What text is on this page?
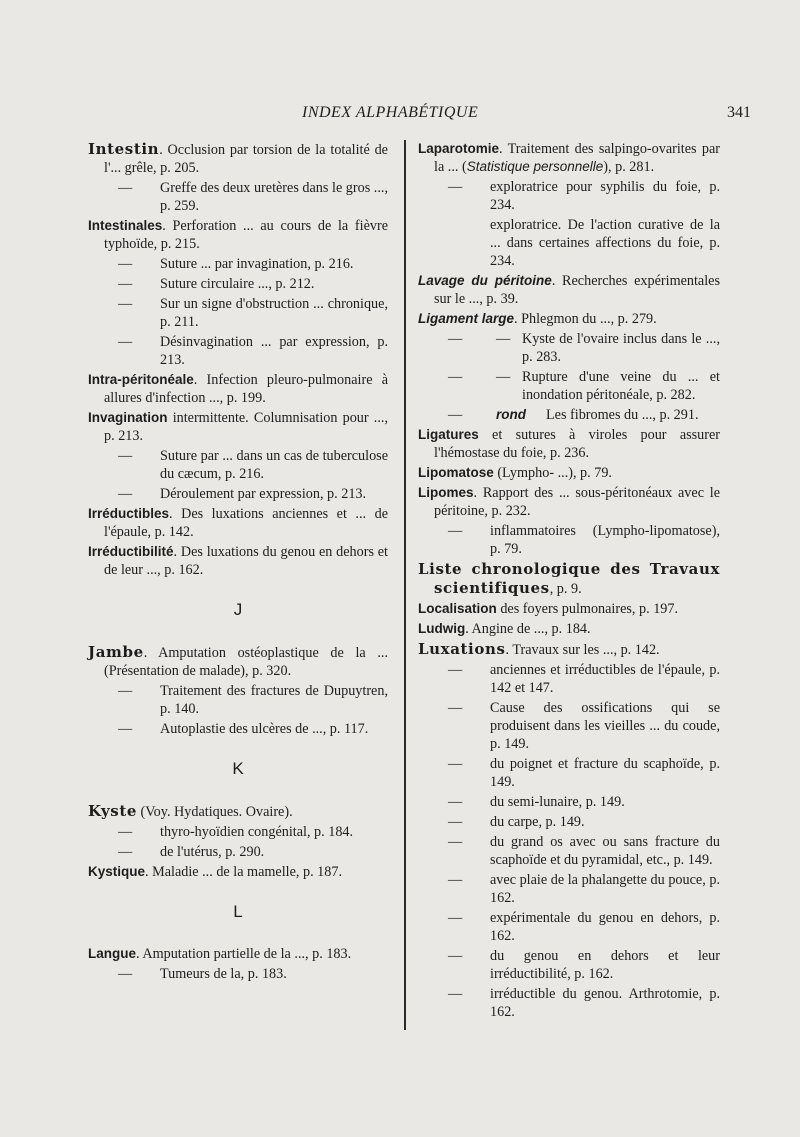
INDEX ALPHABÉTIQUE	341
Intestin. Occlusion par torsion de la totalité de l'... grêle, p. 205.
— Greffe des deux uretères dans le gros ..., p. 259.
Intestinales. Perforation ... au cours de la fièvre typhoïde, p. 215.
— Suture ... par invagination, p. 216.
— Suture circulaire ..., p. 212.
— Sur un signe d'obstruction ... chronique, p. 211.
— Désinvagination ... par expression, p. 213.
Intra-péritonéale. Infection pleuro-pulmonaire à allures d'infection ..., p. 199.
Invagination intermittente. Columnisation pour ..., p. 213.
— Suture par ... dans un cas de tuberculose du cæcum, p. 216.
— Déroulement par expression, p. 213.
Irréductibles. Des luxations anciennes et ... de l'épaule, p. 142.
Irréductibilité. Des luxations du genou en dehors et de leur ..., p. 162.
J
Jambe. Amputation ostéoplastique de la ... (Présentation de malade), p. 320.
— Traitement des fractures de Dupuytren, p. 140.
— Autoplastie des ulcères de ..., p. 117.
K
Kyste (Voy. Hydatiques. Ovaire).
— thyro-hyoïdien congénital, p. 184.
— de l'utérus, p. 290.
Kystique. Maladie ... de la mamelle, p. 187.
L
Langue. Amputation partielle de la ..., p. 183.
— Tumeurs de la, p. 183.
Laparotomie. Traitement des salpingo-ovarites par la ... (Statistique personnelle), p. 281.
— exploratrice pour syphilis du foie, p. 234.
exploratrice. De l'action curative de la ... dans certaines affections du foie, p. 234.
Lavage du péritoine. Recherches expérimentales sur le ..., p. 39.
Ligament large. Phlegmon du ..., p. 279.
— — Kyste de l'ovaire inclus dans le ..., p. 283.
— — Rupture d'une veine du ... et inondation péritonéale, p. 282.
—	rond Les fibromes du ..., p. 291.
Ligatures et sutures à viroles pour assurer l'hémostase du foie, p. 236.
Lipomatose (Lympho- ...), p. 79.
Lipomes. Rapport des ... sous-péritonéaux avec le péritoine, p. 232.
— inflammatoires (Lympho-lipomatose), p. 79.
Liste chronologique des Travaux scientifiques, p. 9.
Localisation des foyers pulmonaires, p. 197.
Ludwig. Angine de ..., p. 184.
Luxations. Travaux sur les ..., p. 142.
— anciennes et irréductibles de l'épaule, p. 142 et 147.
— Cause des ossifications qui se produisent dans les vieilles ... du coude, p. 149.
— du poignet et fracture du scaphoïde, p. 149.
— du semi-lunaire, p. 149.
— du carpe, p. 149.
— du grand os avec ou sans fracture du scaphoïde et du pyramidal, etc., p. 149.
— avec plaie de la phalangette du pouce, p. 162.
— expérimentale du genou en dehors, p. 162.
— du genou en dehors et leur irréductibilité, p. 162.
— irréductible du genou. Arthrotomie, p. 162.
